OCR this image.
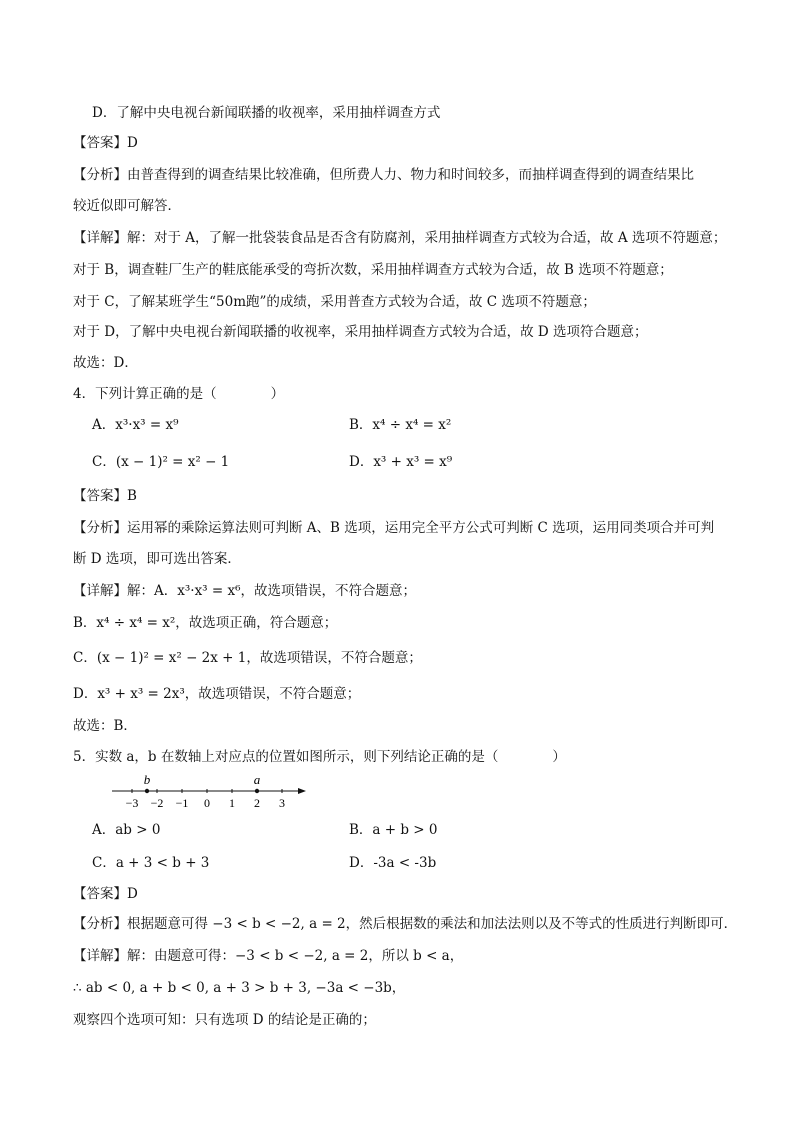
D．了解中央电视台新闻联播的收视率，采用抽样调查方式
【答案】D
【分析】由普查得到的调查结果比较准确，但所费人力、物力和时间较多，而抽样调查得到的调查结果比
较近似即可解答．
【详解】解：对于 A，了解一批袋装食品是否含有防腐剂，采用抽样调查方式较为合适，故 A 选项不符题意；
对于 B，调查鞋厂生产的鞋底能承受的弯折次数，采用抽样调查方式较为合适，故 B 选项不符题意；
对于 C，了解某班学生“50m跑”的成绩，采用普查方式较为合适，故 C 选项不符题意；
对于 D，了解中央电视台新闻联播的收视率，采用抽样调查方式较为合适，故 D 选项符合题意；
故选：D．
4．下列计算正确的是（　　　　）
A．x³·x³ = x⁹	B．x⁴ ÷ x⁴ = x²
C．(x − 1)² = x² − 1	D．x³ + x³ = x⁹
【答案】B
【分析】运用幂的乘除运算法则可判断 A、B 选项，运用完全平方公式可判断 C 选项，运用同类项合并可判
断 D 选项，即可选出答案．
【详解】解：A．x³·x³ = x⁶，故选项错误，不符合题意；
B．x⁴ ÷ x⁴ = x²，故选项正确，符合题意；
C．(x − 1)² = x² − 2x + 1，故选项错误，不符合题意；
D．x³ + x³ = 2x³，故选项错误，不符合题意；
故选：B．
5．实数 a，b 在数轴上对应点的位置如图所示，则下列结论正确的是（　　　　）
−3 −2 −1 0 1 2 3
b	a
A．ab > 0	B．a + b > 0
C．a + 3 < b + 3	D．-3a < -3b
【答案】D
【分析】根据题意可得 −3 < b < −2, a = 2，然后根据数的乘法和加法法则以及不等式的性质进行判断即可．
【详解】解：由题意可得：−3 < b < −2, a = 2，所以 b < a，
∴ ab < 0, a + b < 0, a + 3 > b + 3, −3a < −3b，
观察四个选项可知：只有选项 D 的结论是正确的；
